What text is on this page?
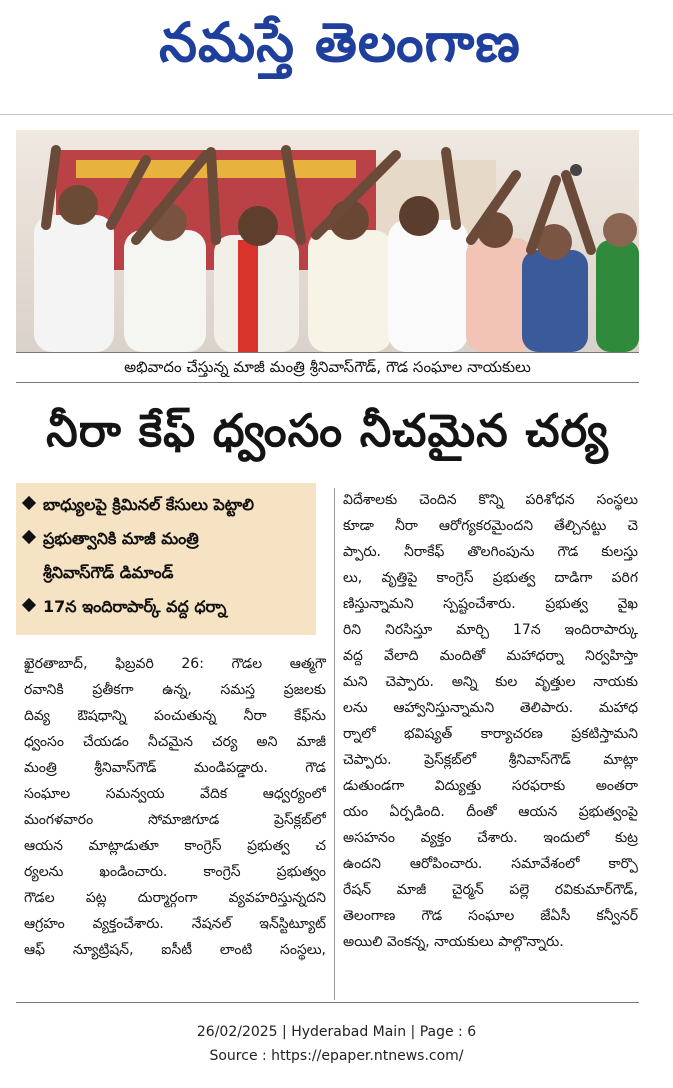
నమస్తే తెలంగాణ
అభివాదం చేస్తున్న మాజీ మంత్రి శ్రీనివాస్‌గౌడ్, గౌడ సంఘాల నాయకులు
నీరా కేఫ్ ధ్వంసం నీచమైన చర్య
బాధ్యులపై క్రిమినల్ కేసులు పెట్టాలి
ప్రభుత్వానికి మాజీ మంత్రి
శ్రీనివాస్‌గౌడ్ డిమాండ్
17న ఇందిరాపార్క్ వద్ద ధర్నా
ఖైరతాబాద్, ఫిబ్రవరి 26: గౌడల ఆత్మగౌ
రవానికి ప్రతీకగా ఉన్న, సమస్త ప్రజలకు
దివ్య ఔషధాన్ని పంచుతున్న నీరా కేఫ్‌ను
ధ్వంసం చేయడం నీచమైన చర్య అని మాజీ
మంత్రి శ్రీనివాస్‌గౌడ్ మండిపడ్డారు. గౌడ
సంఘాల సమన్వయ వేదిక ఆధ్వర్యంలో
మంగళవారం సోమాజిగూడ ప్రెస్‌క్లబ్‌లో
ఆయన మాట్లాడుతూ కాంగ్రెస్ ప్రభుత్వ చ
ర్యలను ఖండించారు. కాంగ్రెస్ ప్రభుత్వం
గౌడల పట్ల దుర్మార్గంగా వ్యవహరిస్తున్నదని
ఆగ్రహం వ్యక్తంచేశారు. నేషనల్ ఇన్‌స్టిట్యూట్
ఆఫ్ న్యూట్రిషన్, ఐసీటీ లాంటి సంస్థలు,
విదేశాలకు చెందిన కొన్ని పరిశోధన సంస్థలు
కూడా నీరా ఆరోగ్యకరమైందని తేల్చినట్టు చె
ప్పారు. నీరాకేఫ్ తొలగింపును గౌడ కులస్తు
లు, వృత్తిపై కాంగ్రెస్ ప్రభుత్వ దాడిగా పరిగ
ణిస్తున్నామని స్పష్టంచేశారు. ప్రభుత్వ వైఖ
రిని నిరసిస్తూ మార్చి 17న ఇందిరాపార్కు
వద్ద వేలాది మందితో మహాధర్నా నిర్వహిస్తా
మని చెప్పారు. అన్ని కుల వృత్తుల నాయకు
లను ఆహ్వానిస్తున్నామని తెలిపారు. మహాధ
ర్నాలో భవిష్యత్ కార్యాచరణ ప్రకటిస్తామని
చెప్పారు. ప్రెస్‌క్లబ్‌లో శ్రీనివాస్‌గౌడ్ మాట్లా
డుతుండగా విద్యుత్తు సరఫరాకు అంతరా
యం ఏర్పడింది. దీంతో ఆయన ప్రభుత్వంపై
అసహనం వ్యక్తం చేశారు. ఇందులో కుట్ర
ఉందని ఆరోపించారు. సమావేశంలో కార్పొ
రేషన్ మాజీ చైర్మన్ పల్లె రవికుమార్‌గౌడ్,
తెలంగాణ గౌడ సంఘాల జేఏసీ కన్వీనర్
అయిలి వెంకన్న, నాయకులు పాల్గొన్నారు.
26/02/2025 | Hyderabad Main | Page : 6
Source : https://epaper.ntnews.com/
